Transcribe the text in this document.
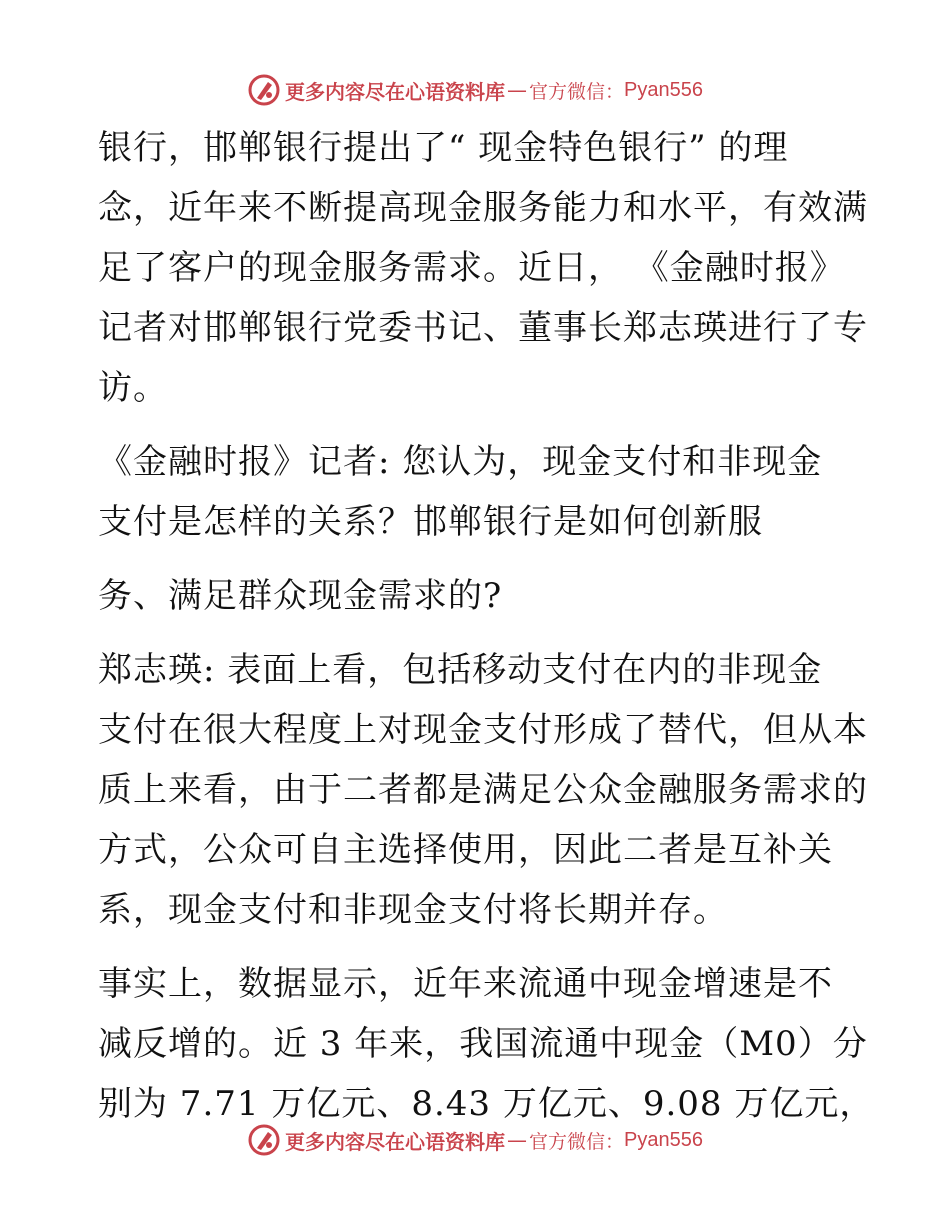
更多内容尽在心语资料库 — 官方微信： Pyan556
银行，邯郸银行提出了“ 现金特色银行” 的理
念，近年来不断提高现金服务能力和水平，有效满
足了客户的现金服务需求。近日， 《金融时报》
记者对邯郸银行党委书记、董事长郑志瑛进行了专
访。
《金融时报》记者: 您认为，现金支付和非现金
支付是怎样的关系？邯郸银行是如何创新服
务、满足群众现金需求的?
郑志瑛: 表面上看，包括移动支付在内的非现金
支付在很大程度上对现金支付形成了替代，但从本
质上来看，由于二者都是满足公众金融服务需求的
方式，公众可自主选择使用，因此二者是互补关
系，现金支付和非现金支付将长期并存。
事实上，数据显示，近年来流通中现金增速是不
减反增的。近 3 年来，我国流通中现金（M0）分
别为 7.71 万亿元、8.43 万亿元、9.08 万亿元，
更多内容尽在心语资料库 — 官方微信： Pyan556
